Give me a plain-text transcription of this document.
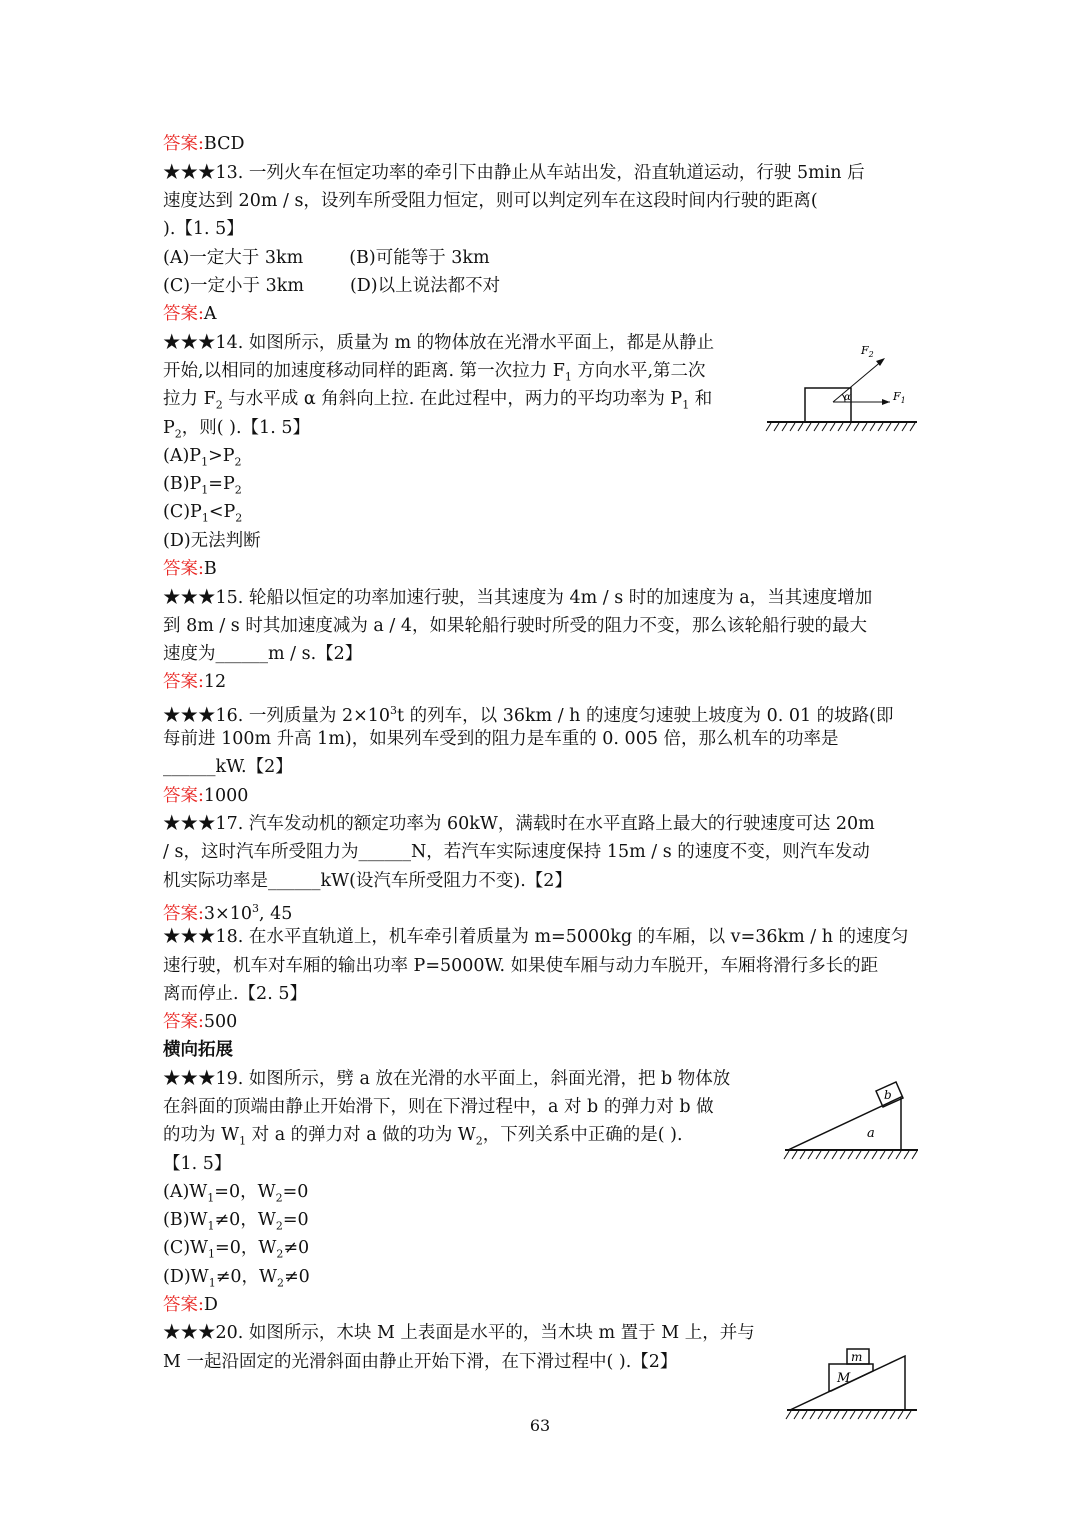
答案:BCD
★★★13. 一列火车在恒定功率的牵引下由静止从车站出发，沿直轨道运动，行驶 5min 后
速度达到 20m / s，设列车所受阻力恒定，则可以判定列车在这段时间内行驶的距离(
).【1. 5】
(A)一定大于 3km	(B)可能等于 3km
(C)一定小于 3km	(D)以上说法都不对
答案:A
★★★14. 如图所示，质量为 m 的物体放在光滑水平面上，都是从静止
开始,以相同的加速度移动同样的距离. 第一次拉力 $F_1$ 方向水平,第二次
拉力 $F_2$ 与水平成 α 角斜向上拉. 在此过程中，两力的平均功率为 $P_1$ 和
$P_2$，则( ).【1. 5】
$(A)P_1>P_2$
$(B)P_1=P_2$
$(C)P_1<P_2$
(D)无法判断
答案:B
α	$F_1$
$F_2$
★★★15. 轮船以恒定的功率加速行驶，当其速度为 4m / s 时的加速度为 a，当其速度增加
到 8m / s 时其加速度减为 a / 4，如果轮船行驶时所受的阻力不变，那么该轮船行驶的最大
速度为______m / s.【2】
答案:12
★★★16. 一列质量为 $2\times 10^3t$ 的列车，以 36km / h 的速度匀速驶上坡度为 0. 01 的坡路(即
每前进 100m 升高 1m)，如果列车受到的阻力是车重的 0. 005 倍，那么机车的功率是
______kW.【2】
答案:1000
★★★17. 汽车发动机的额定功率为 60kW，满载时在水平直路上最大的行驶速度可达 20m
/ s，这时汽车所受阻力为______N，若汽车实际速度保持 15m / s 的速度不变，则汽车发动
机实际功率是______kW(设汽车所受阻力不变).【2】
答案$:3\times 10^3$, 45
★★★18. 在水平直轨道上，机车牵引着质量为 m=5000kg 的车厢，以 v=36km / h 的速度匀
速行驶，机车对车厢的输出功率 P=5000W. 如果使车厢与动力车脱开，车厢将滑行多长的距
离而停止.【2. 5】
答案:500
横向拓展
★★★19. 如图所示，劈 a 放在光滑的水平面上，斜面光滑，把 b 物体放
在斜面的顶端由静止开始滑下，则在下滑过程中，a 对 b 的弹力对 b 做
的功为 $W_1$ 对 a 的弹力对 a 做的功为 $W_2$，下列关系中正确的是( ).
【1. 5】
$(A)W_1=0$，$W_2=0$
$(B)W_1\ne 0$，$W_2=0$
$(C)W_1=0$，$W_2\ne 0$
$(D)W_1\ne 0$，$W_2\ne 0$
答案:D
b
a
★★★20. 如图所示，木块 M 上表面是水平的，当木块 m 置于 M 上，并与
M 一起沿固定的光滑斜面由静止开始下滑，在下滑过程中( ).【2】	m
M
63
